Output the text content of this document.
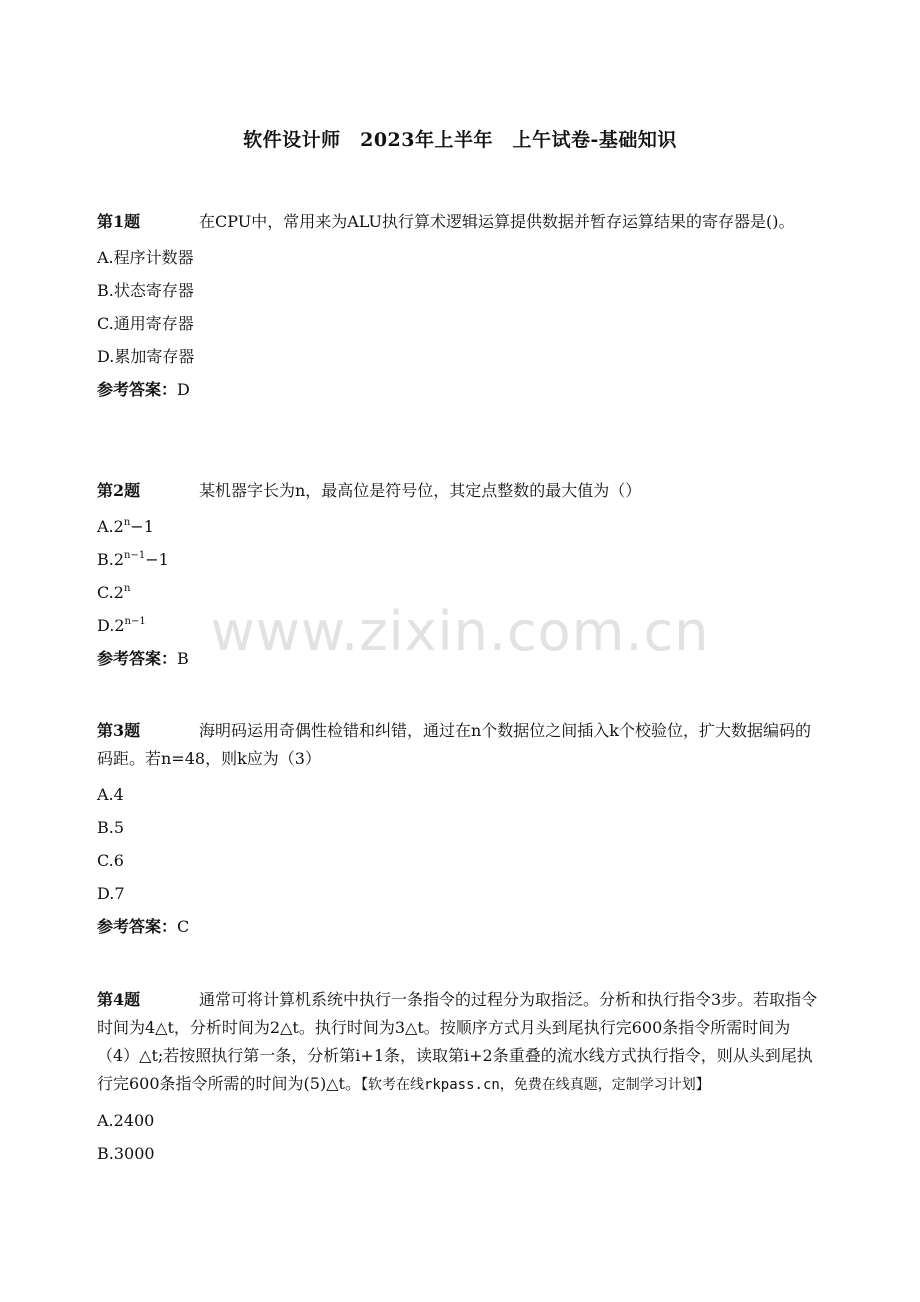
软件设计师　2023年上半年　上午试卷-基础知识

第1题	在CPU中，常用来为ALU执行算术逻辑运算提供数据并暂存运算结果的寄存器是()。

A.程序计数器
B.状态寄存器
C.通用寄存器
D.累加寄存器
参考答案：D

第2题	某机器字长为n，最高位是符号位，其定点整数的最大值为（）

$A.2^n-1$
$B.2^{n-1}-1$
C.2$^n$
$D.2^{n-1}$
参考答案：B

第3题	海明码运用奇偶性检错和纠错，通过在n个数据位之间插入k个校验位，扩大数据编码的码距。若n=48，则k应为（3）

A.4
B.5
C.6
D.7
参考答案：C

第4题	通常可将计算机系统中执行一条指令的过程分为取指泛。分析和执行指令3步。若取指令时间为4△t，分析时间为2△t。执行时间为3△t。按顺序方式月头到尾执行完600条指令所需时间为（4）△t;若按照执行第一条，分析第i+1条，读取第i+2条重叠的流水线方式执行指令，则从头到尾执行完600条指令所需的时间为(5)△t。【软考在线rkpass.cn，免费在线真题，定制学习计划】

A.2400
B.3000
www.zixin.com.cn
